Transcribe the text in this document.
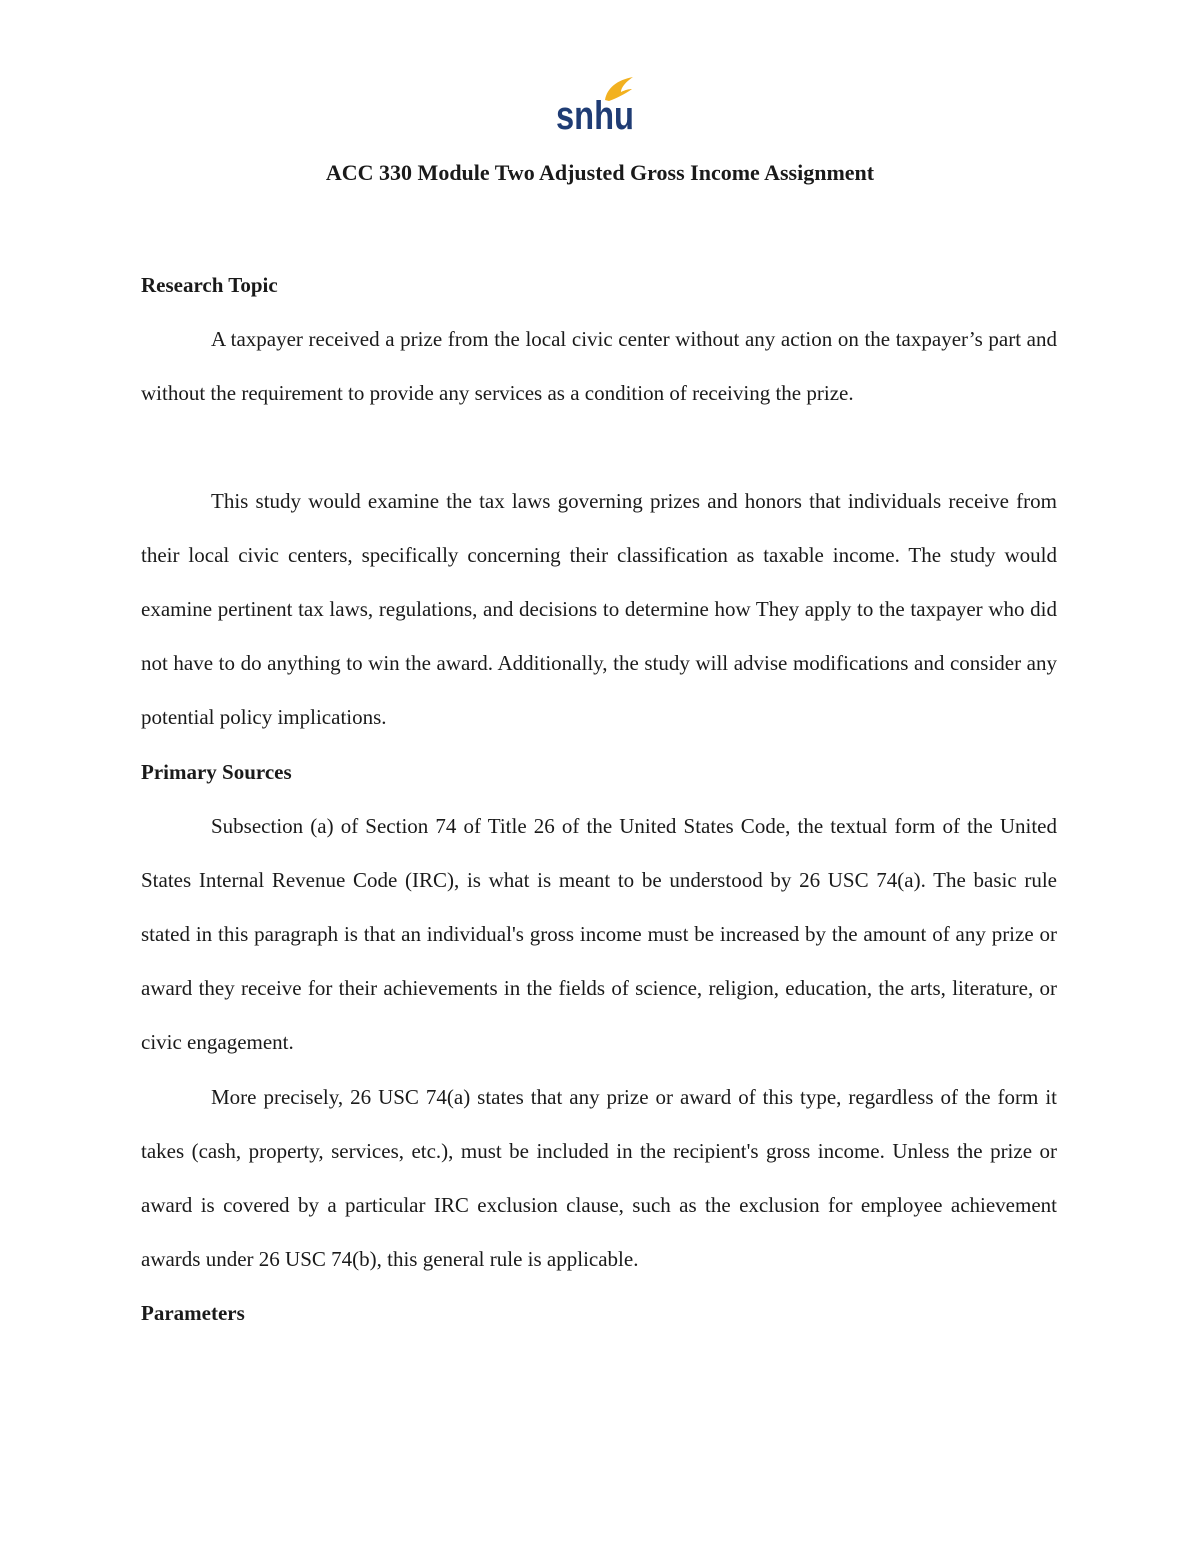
snhu
ACC 330 Module Two Adjusted Gross Income Assignment
Research Topic

A taxpayer received a prize from the local civic center without any action on the taxpayer’s part and without the requirement to provide any services as a condition of receiving the prize.

This study would examine the tax laws governing prizes and honors that individuals receive from their local civic centers, specifically concerning their classification as taxable income. The study would examine pertinent tax laws, regulations, and decisions to determine how They apply to the taxpayer who did not have to do anything to win the award. Additionally, the study will advise modifications and consider any potential policy implications.

Primary Sources

Subsection (a) of Section 74 of Title 26 of the United States Code, the textual form of the United States Internal Revenue Code (IRC), is what is meant to be understood by 26 USC 74(a). The basic rule stated in this paragraph is that an individual's gross income must be increased by the amount of any prize or award they receive for their achievements in the fields of science, religion, education, the arts, literature, or civic engagement.

More precisely, 26 USC 74(a) states that any prize or award of this type, regardless of the form it takes (cash, property, services, etc.), must be included in the recipient's gross income. Unless the prize or award is covered by a particular IRC exclusion clause, such as the exclusion for employee achievement awards under 26 USC 74(b), this general rule is applicable.

Parameters
